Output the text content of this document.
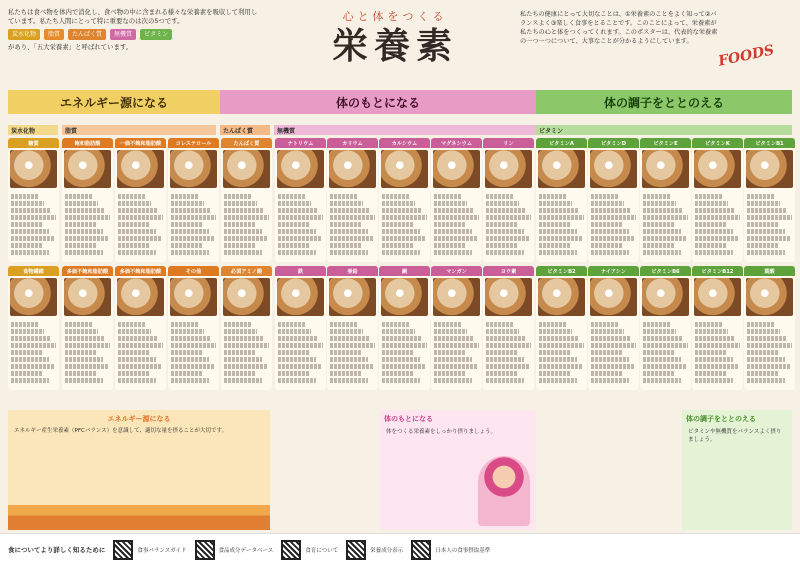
私たちは食べ物を体内で消化し、食べ物の中に含まれる様々な栄養素を吸収して利用しています。私たち人間にとって特に重要なのは次の5つです。
炭水化物	脂質	たんぱく質	無機質	ビタミン
があり、「五大栄養素」と呼ばれています。
心と体をつくる
栄養素
私たちの健康にとって大切なことは、①栄養素のことをよく知って②バランスよく③楽しく食事をとることです。このことによって、栄養素が私たちの心と体をつくってくれます。このポスターは、代表的な栄養素の一つ一つについて、大事なことが分かるようにしています。
FOODS
エネルギー源になる	体のもとになる	体の調子をととのえる
炭水化物	脂質	たんぱく質	無機質	ビタミン
糖質	飽和脂肪酸	一価不飽和脂肪酸	コレステロール	たんぱく質	ナトリウム	カリウム	カルシウム	マグネシウム	リン	ビタミンA	ビタミンD	ビタミンE	ビタミンK	ビタミンB1
食物繊維	多価不飽和脂肪酸	多価不飽和脂肪酸	その他	必須アミノ酸	鉄	亜鉛	銅	マンガン	ヨウ素	ビタミンB2	ナイアシン	ビタミンB6	ビタミンB12	葉酸
エネルギー源になる
エネルギー産生栄養素（PFCバランス）を意識して、適切な量を摂ることが大切です。
体のもとになる
体をつくる栄養素をしっかり摂りましょう。
体の調子をととのえる
ビタミンや無機質をバランスよく摂りましょう。
食についてより詳しく知るために	食事バランスガイド	食品成分データベース	食育について	栄養成分表示	日本人の食事摂取基準
